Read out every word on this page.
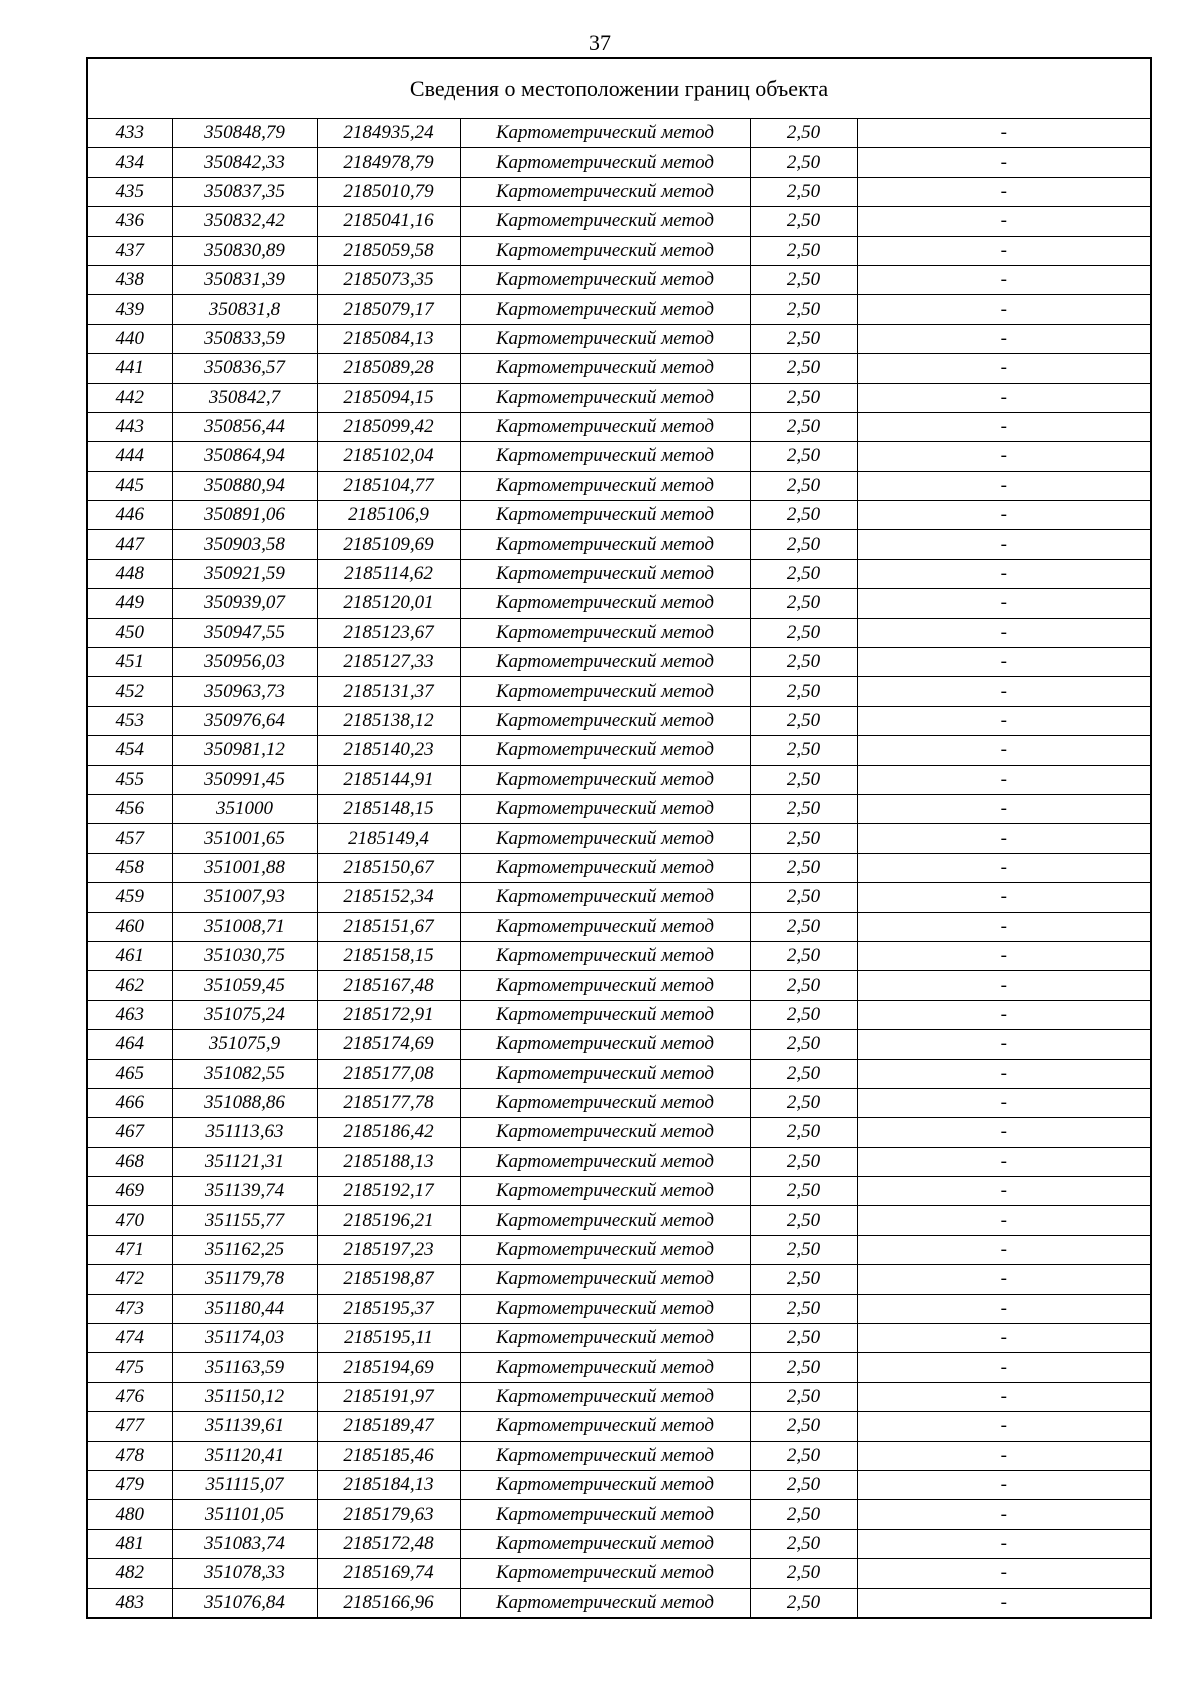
37
Сведения о местоположении границ объекта					
433	350848,79	2184935,24	Картометрический метод	2,50	-
434	350842,33	2184978,79	Картометрический метод	2,50	-
435	350837,35	2185010,79	Картометрический метод	2,50	-
436	350832,42	2185041,16	Картометрический метод	2,50	-
437	350830,89	2185059,58	Картометрический метод	2,50	-
438	350831,39	2185073,35	Картометрический метод	2,50	-
439	350831,8	2185079,17	Картометрический метод	2,50	-
440	350833,59	2185084,13	Картометрический метод	2,50	-
441	350836,57	2185089,28	Картометрический метод	2,50	-
442	350842,7	2185094,15	Картометрический метод	2,50	-
443	350856,44	2185099,42	Картометрический метод	2,50	-
444	350864,94	2185102,04	Картометрический метод	2,50	-
445	350880,94	2185104,77	Картометрический метод	2,50	-
446	350891,06	2185106,9	Картометрический метод	2,50	-
447	350903,58	2185109,69	Картометрический метод	2,50	-
448	350921,59	2185114,62	Картометрический метод	2,50	-
449	350939,07	2185120,01	Картометрический метод	2,50	-
450	350947,55	2185123,67	Картометрический метод	2,50	-
451	350956,03	2185127,33	Картометрический метод	2,50	-
452	350963,73	2185131,37	Картометрический метод	2,50	-
453	350976,64	2185138,12	Картометрический метод	2,50	-
454	350981,12	2185140,23	Картометрический метод	2,50	-
455	350991,45	2185144,91	Картометрический метод	2,50	-
456	351000	2185148,15	Картометрический метод	2,50	-
457	351001,65	2185149,4	Картометрический метод	2,50	-
458	351001,88	2185150,67	Картометрический метод	2,50	-
459	351007,93	2185152,34	Картометрический метод	2,50	-
460	351008,71	2185151,67	Картометрический метод	2,50	-
461	351030,75	2185158,15	Картометрический метод	2,50	-
462	351059,45	2185167,48	Картометрический метод	2,50	-
463	351075,24	2185172,91	Картометрический метод	2,50	-
464	351075,9	2185174,69	Картометрический метод	2,50	-
465	351082,55	2185177,08	Картометрический метод	2,50	-
466	351088,86	2185177,78	Картометрический метод	2,50	-
467	351113,63	2185186,42	Картометрический метод	2,50	-
468	351121,31	2185188,13	Картометрический метод	2,50	-
469	351139,74	2185192,17	Картометрический метод	2,50	-
470	351155,77	2185196,21	Картометрический метод	2,50	-
471	351162,25	2185197,23	Картометрический метод	2,50	-
472	351179,78	2185198,87	Картометрический метод	2,50	-
473	351180,44	2185195,37	Картометрический метод	2,50	-
474	351174,03	2185195,11	Картометрический метод	2,50	-
475	351163,59	2185194,69	Картометрический метод	2,50	-
476	351150,12	2185191,97	Картометрический метод	2,50	-
477	351139,61	2185189,47	Картометрический метод	2,50	-
478	351120,41	2185185,46	Картометрический метод	2,50	-
479	351115,07	2185184,13	Картометрический метод	2,50	-
480	351101,05	2185179,63	Картометрический метод	2,50	-
481	351083,74	2185172,48	Картометрический метод	2,50	-
482	351078,33	2185169,74	Картометрический метод	2,50	-
483	351076,84	2185166,96	Картометрический метод	2,50	-
